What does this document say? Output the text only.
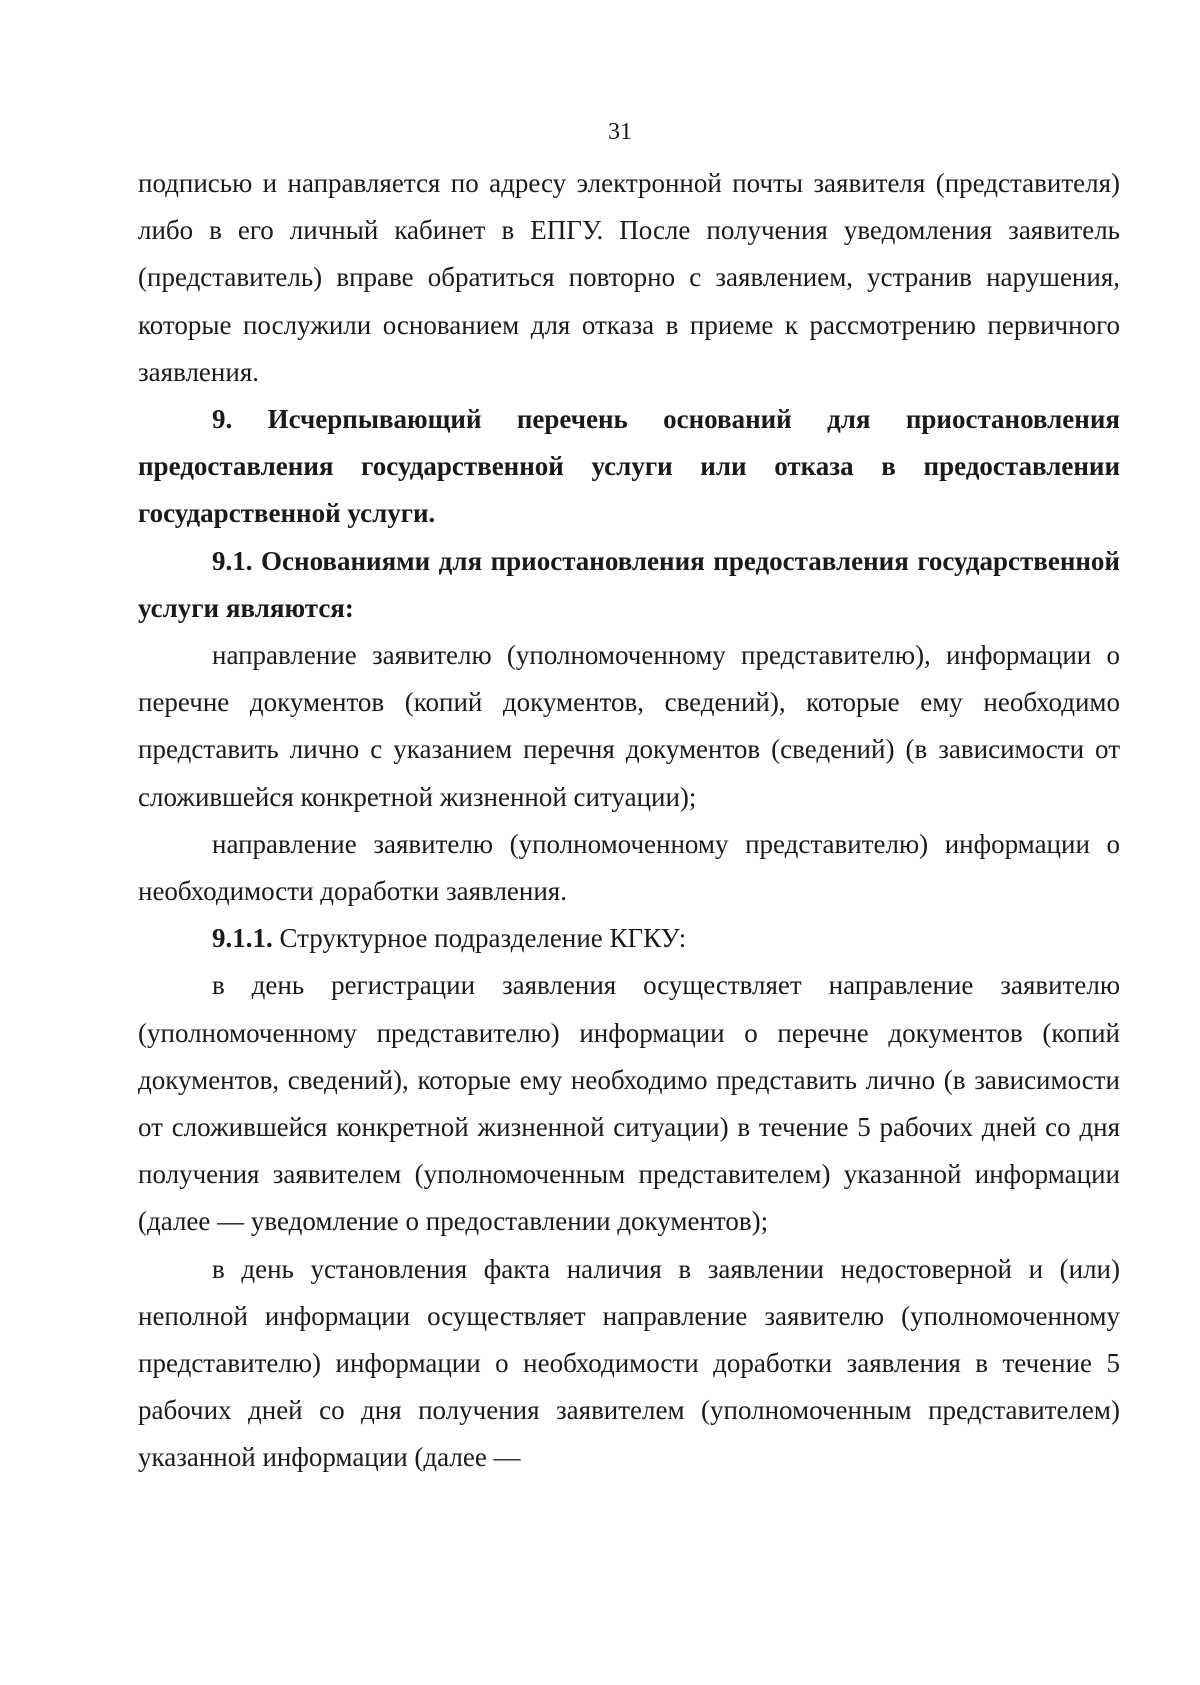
31

подписью и направляется по адресу электронной почты заявителя (представителя) либо в его личный кабинет в ЕПГУ. После получения уведомления заявитель (представитель) вправе обратиться повторно с заявлением, устранив нарушения, которые послужили основанием для отказа в приеме к рассмотрению первичного заявления.

9. Исчерпывающий перечень оснований для приостановления предоставления государственной услуги или отказа в предоставлении государственной услуги.

9.1. Основаниями для приостановления предоставления государственной услуги являются:

направление заявителю (уполномоченному представителю), информации о перечне документов (копий документов, сведений), которые ему необходимо представить лично с указанием перечня документов (сведений) (в зависимости от сложившейся конкретной жизненной ситуации);

направление заявителю (уполномоченному представителю) информации о необходимости доработки заявления.

9.1.1. Структурное подразделение КГКУ:

в день регистрации заявления осуществляет направление заявителю (уполномоченному представителю) информации о перечне документов (копий документов, сведений), которые ему необходимо представить лично (в зависимости от сложившейся конкретной жизненной ситуации) в течение 5 рабочих дней со дня получения заявителем (уполномоченным представителем) указанной информации (далее — уведомление о предоставлении документов);

в день установления факта наличия в заявлении недостоверной и (или) неполной информации осуществляет направление заявителю (уполномоченному представителю) информации о необходимости доработки заявления в течение 5 рабочих дней со дня получения заявителем (уполномоченным представителем) указанной информации (далее —
